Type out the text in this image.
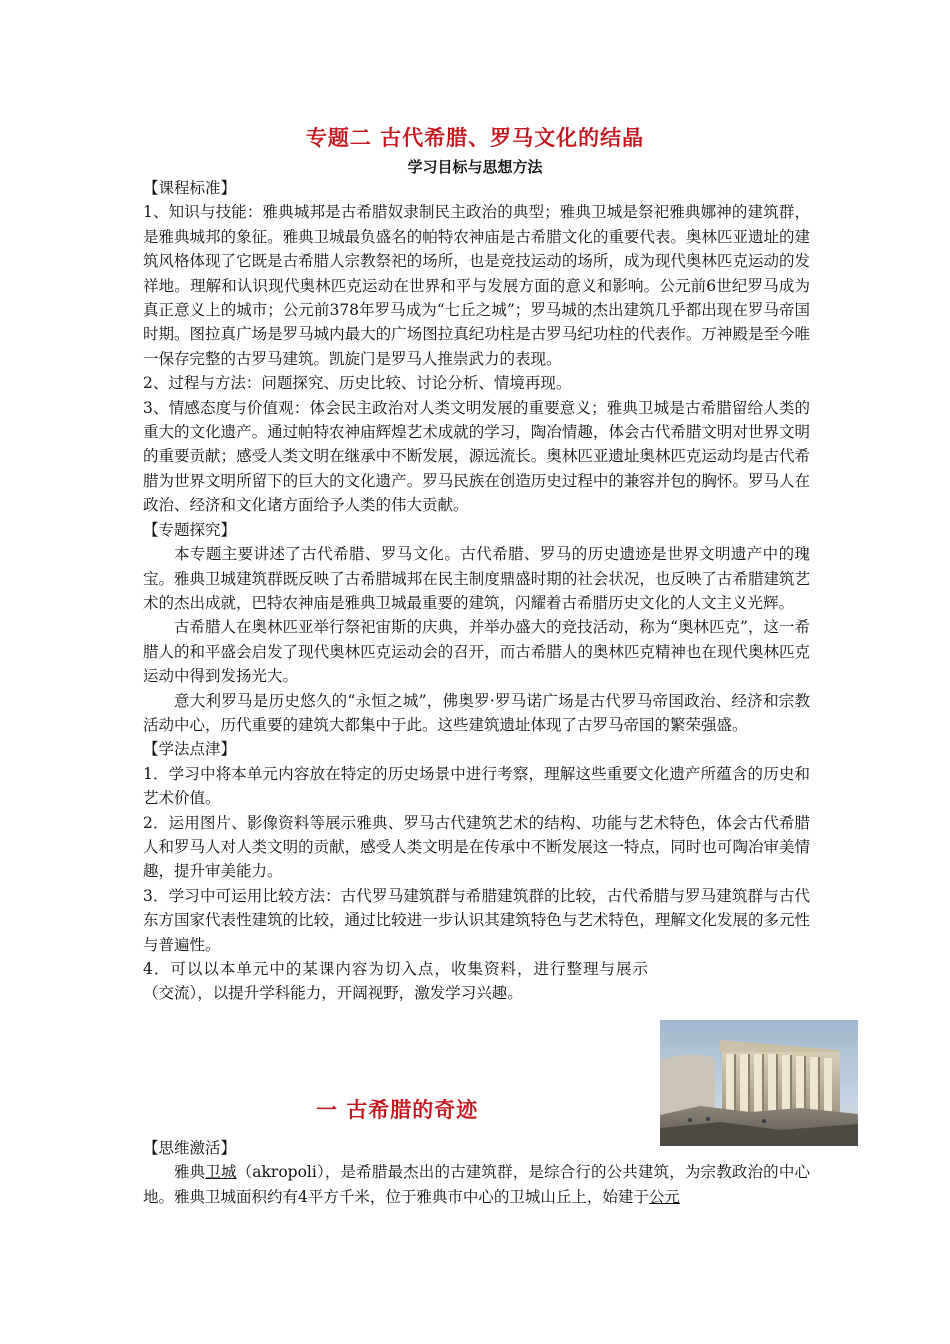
专题二 古代希腊、罗马文化的结晶
学习目标与思想方法

【课程标准】

1、知识与技能：雅典城邦是古希腊奴隶制民主政治的典型；雅典卫城是祭祀雅典娜神的建筑群，是雅典城邦的象征。雅典卫城最负盛名的帕特农神庙是古希腊文化的重要代表。奥林匹亚遗址的建筑风格体现了它既是古希腊人宗教祭祀的场所，也是竞技运动的场所，成为现代奥林匹克运动的发祥地。理解和认识现代奥林匹克运动在世界和平与发展方面的意义和影响。公元前6世纪罗马成为真正意义上的城市；公元前378年罗马成为“七丘之城”；罗马城的杰出建筑几乎都出现在罗马帝国时期。图拉真广场是罗马城内最大的广场图拉真纪功柱是古罗马纪功柱的代表作。万神殿是至今唯一保存完整的古罗马建筑。凯旋门是罗马人推崇武力的表现。

2、过程与方法：问题探究、历史比较、讨论分析、情境再现。

3、情感态度与价值观：体会民主政治对人类文明发展的重要意义；雅典卫城是古希腊留给人类的重大的文化遗产。通过帕特农神庙辉煌艺术成就的学习，陶冶情趣，体会古代希腊文明对世界文明的重要贡献；感受人类文明在继承中不断发展，源远流长。奥林匹亚遗址奥林匹克运动均是古代希腊为世界文明所留下的巨大的文化遗产。罗马民族在创造历史过程中的兼容并包的胸怀。罗马人在政治、经济和文化诸方面给予人类的伟大贡献。

【专题探究】

本专题主要讲述了古代希腊、罗马文化。古代希腊、罗马的历史遗迹是世界文明遗产中的瑰宝。雅典卫城建筑群既反映了古希腊城邦在民主制度鼎盛时期的社会状况，也反映了古希腊建筑艺术的杰出成就，巴特农神庙是雅典卫城最重要的建筑，闪耀着古希腊历史文化的人文主义光辉。

古希腊人在奥林匹亚举行祭祀宙斯的庆典，并举办盛大的竞技活动，称为“奥林匹克”，这一希腊人的和平盛会启发了现代奥林匹克运动会的召开，而古希腊人的奥林匹克精神也在现代奥林匹克运动中得到发扬光大。

意大利罗马是历史悠久的“永恒之城”，佛奥罗·罗马诺广场是古代罗马帝国政治、经济和宗教活动中心，历代重要的建筑大都集中于此。这些建筑遗址体现了古罗马帝国的繁荣强盛。

【学法点津】

1．学习中将本单元内容放在特定的历史场景中进行考察，理解这些重要文化遗产所蕴含的历史和艺术价值。

2．运用图片、影像资料等展示雅典、罗马古代建筑艺术的结构、功能与艺术特色，体会古代希腊人和罗马人对人类文明的贡献，感受人类文明是在传承中不断发展这一特点，同时也可陶冶审美情趣，提升审美能力。

3．学习中可运用比较方法：古代罗马建筑群与希腊建筑群的比较，古代希腊与罗马建筑群与古代东方国家代表性建筑的比较，通过比较进一步认识其建筑特色与艺术特色，理解文化发展的多元性与普遍性。

4．可以以本单元中的某课内容为切入点，收集资料，进行整理与展示（交流），以提升学科能力，开阔视野，激发学习兴趣。

一 古希腊的奇迹

【思维激活】

雅典卫城（akropoli），是希腊最杰出的古建筑群，是综合行的公共建筑，为宗教政治的中心地。雅典卫城面积约有4平方千米，位于雅典市中心的卫城山丘上，始建于公元
